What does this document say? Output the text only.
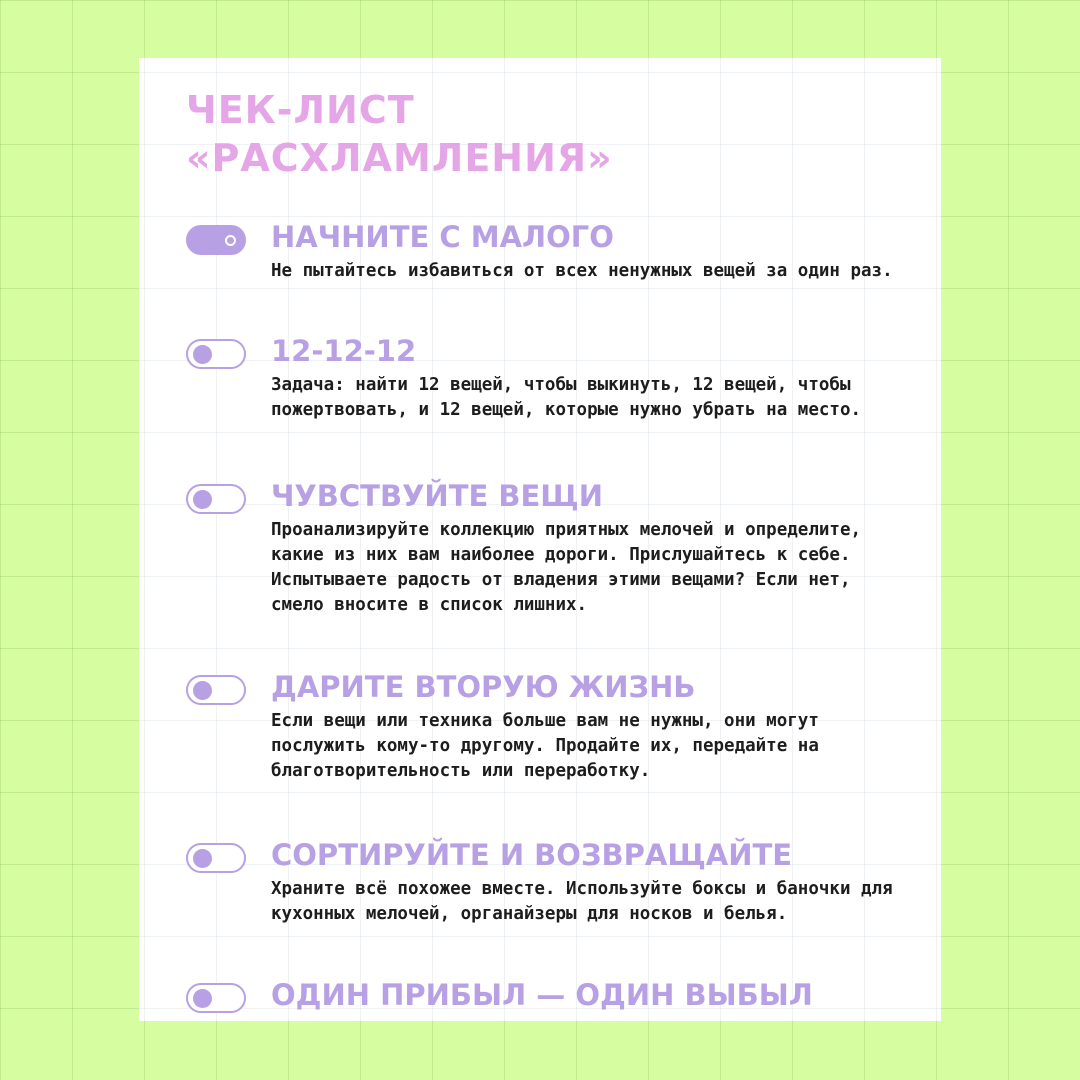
ЧЕК-ЛИСТ
«РАСХЛАМЛЕНИЯ»
НАЧНИТЕ С МАЛОГО

Не пытайтесь избавиться от всех ненужных вещей за один раз.

12-12-12

Задача: найти 12 вещей, чтобы выкинуть, 12 вещей, чтобы пожертвовать, и 12 вещей, которые нужно убрать на место.

ЧУВСТВУЙТЕ ВЕЩИ

Проанализируйте коллекцию приятных мелочей и определите, какие из них вам наиболее дороги. Прислушайтесь к себе. Испытываете радость от владения этими вещами? Если нет, смело вносите в список лишних.

ДАРИТЕ ВТОРУЮ ЖИЗНЬ

Если вещи или техника больше вам не нужны, они могут послужить кому-то другому. Продайте их, передайте на благотворительность или переработку.

СОРТИРУЙТЕ И ВОЗВРАЩАЙТЕ

Храните всё похожее вместе. Используйте боксы и баночки для кухонных мелочей, органайзеры для носков и белья.

ОДИН ПРИБЫЛ — ОДИН ВЫБЫЛ
